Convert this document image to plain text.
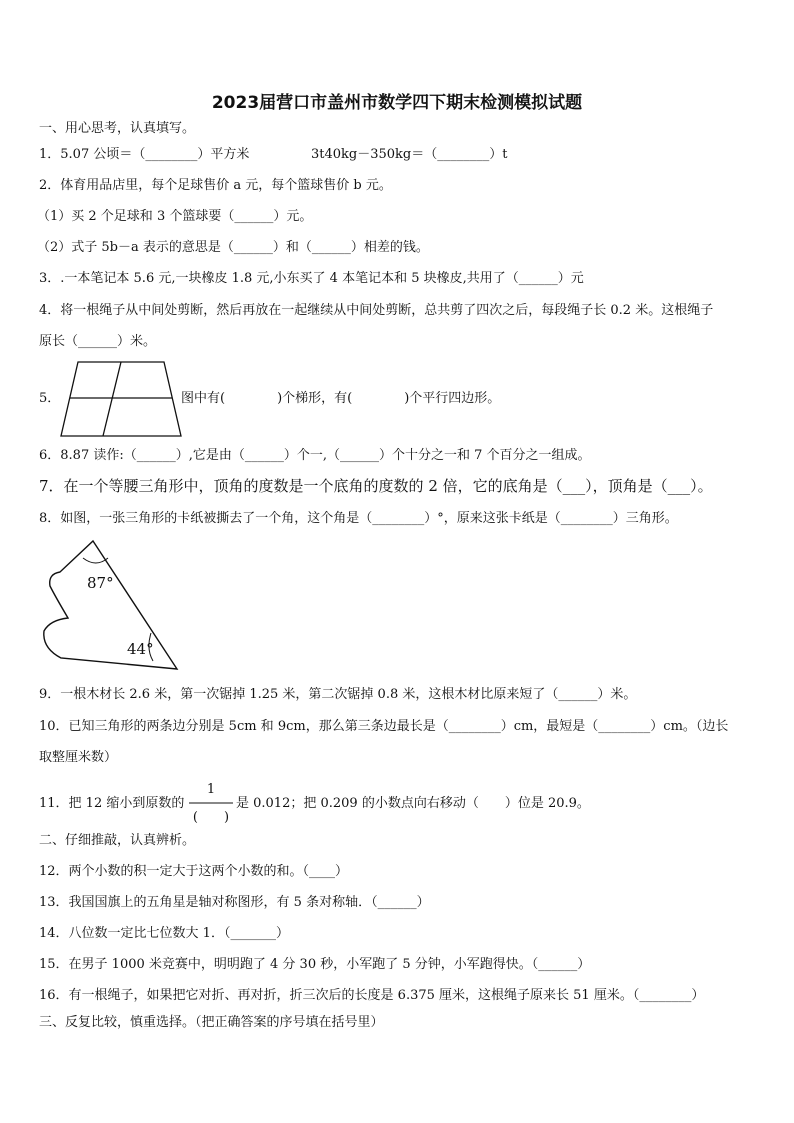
2023届营口市盖州市数学四下期末检测模拟试题
一、用心思考，认真填写。
1．5.07 公顷＝（________）平方米	3t40kg－350kg＝（________）t
2．体育用品店里，每个足球售价 a 元，每个篮球售价 b 元。
（1）买 2 个足球和 3 个篮球要（______）元。
（2）式子 5b－a 表示的意思是（______）和（______）相差的钱。
3．.一本笔记本 5.6 元,一块橡皮 1.8 元,小东买了 4 本笔记本和 5 块橡皮,共用了（______）元
4．将一根绳子从中间处剪断，然后再放在一起继续从中间处剪断，总共剪了四次之后，每段绳子长 0.2 米。这根绳子
原长（______）米。
5．	图中有(　　　　)个梯形，有(　　　　)个平行四边形。
6．8.87 读作:（______）,它是由（______）个一,（______）个十分之一和 7 个百分之一组成。
7．在一个等腰三角形中，顶角的度数是一个底角的度数的 2 倍，它的底角是（___），顶角是（___）。
8．如图，一张三角形的卡纸被撕去了一个角，这个角是（________）°，原来这张卡纸是（________）三角形。
87°
44°
9．一根木材长 2.6 米，第一次锯掉 1.25 米，第二次锯掉 0.8 米，这根木材比原来短了（______）米。
10．已知三角形的两条边分别是 5cm 和 9cm，那么第三条边最长是（________）cm，最短是（________）cm。（边长
取整厘米数）
11．把 12 缩小到原数的
1
(　　)
是 0.012；把 0.209 的小数点向右移动（　　）位是 20.9。
二、仔细推敲，认真辨析。
12．两个小数的积一定大于这两个小数的和。（____）
13．我国国旗上的五角星是轴对称图形，有 5 条对称轴．（______）
14．八位数一定比七位数大 1．（_______）
15．在男子 1000 米竞赛中，明明跑了 4 分 30 秒，小军跑了 5 分钟，小军跑得快。（______）
16．有一根绳子，如果把它对折、再对折，折三次后的长度是 6.375 厘米，这根绳子原来长 51 厘米。（________）
三、反复比较，慎重选择。（把正确答案的序号填在括号里）
